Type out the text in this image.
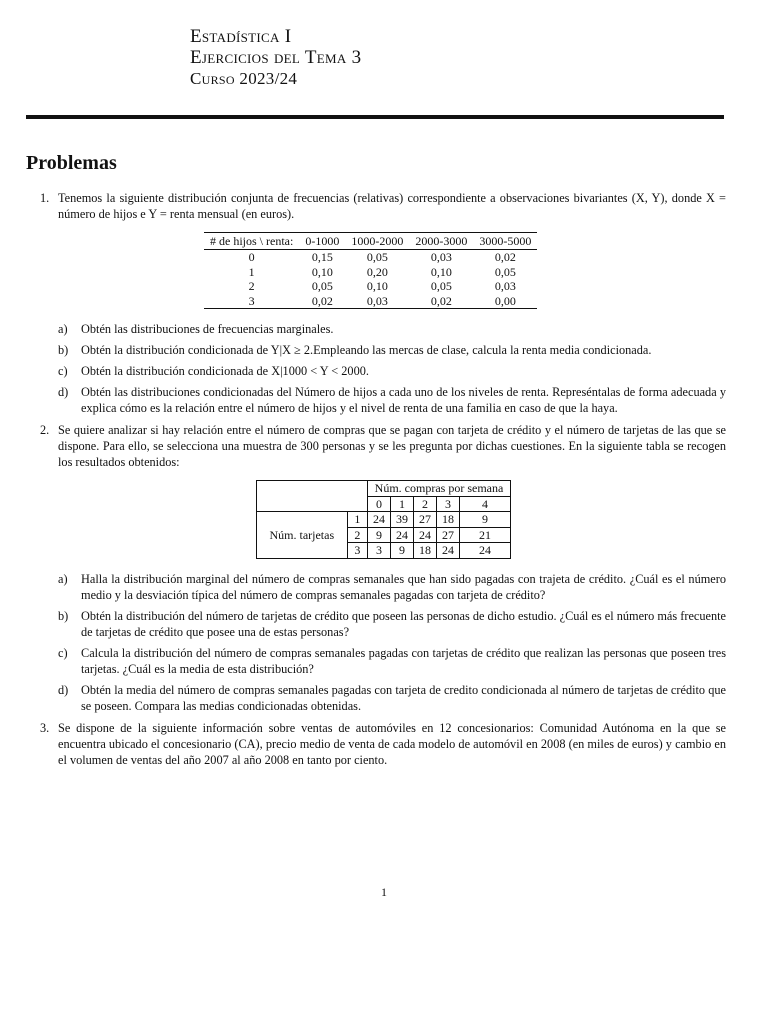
Estadística I
Ejercicios del Tema 3
Curso 2023/24
Problemas
1. Tenemos la siguiente distribución conjunta de frecuencias (relativas) correspondiente a observaciones bivariantes (X, Y), donde X = número de hijos e Y = renta mensual (en euros).
# de hijos \ renta:	0-1000	1000-2000	2000-3000	3000-5000
0	0,15	0,05	0,03	0,02
1	0,10	0,20	0,10	0,05
2	0,05	0,10	0,05	0,03
3	0,02	0,03	0,02	0,00
a) Obtén las distribuciones de frecuencias marginales.
b) Obtén la distribución condicionada de Y|X ≥ 2.Empleando las mercas de clase, calcula la renta media condicionada.
c) Obtén la distribución condicionada de X|1000 < Y < 2000.
d) Obtén las distribuciones condicionadas del Número de hijos a cada uno de los niveles de renta. Represéntalas de forma adecuada y explica cómo es la relación entre el número de hijos y el nivel de renta de una familia en caso de que la haya.
2. Se quiere analizar si hay relación entre el número de compras que se pagan con tarjeta de crédito y el número de tarjetas de las que se dispone. Para ello, se selecciona una muestra de 300 personas y se les pregunta por dichas cuestiones. En la siguiente tabla se recogen los resultados obtenidos:
		Núm. compras por semana				
		0	1	2	3	4
Núm. tarjetas	1	24	39	27	18	9
	2	9	24	24	27	21
	3	3	9	18	24	24
a) Halla la distribución marginal del número de compras semanales que han sido pagadas con trajeta de crédito. ¿Cuál es el número medio y la desviación típica del número de compras semanales pagadas con tarjeta de crédito?
b) Obtén la distribución del número de tarjetas de crédito que poseen las personas de dicho estudio. ¿Cuál es el número más frecuente de tarjetas de crédito que posee una de estas personas?
c) Calcula la distribución del número de compras semanales pagadas con tarjetas de crédito que realizan las personas que poseen tres tarjetas. ¿Cuál es la media de esta distribución?
d) Obtén la media del número de compras semanales pagadas con tarjeta de credito condicionada al número de tarjetas de crédito que se poseen. Compara las medias condicionadas obtenidas.
3. Se dispone de la siguiente información sobre ventas de automóviles en 12 concesionarios: Comunidad Autónoma en la que se encuentra ubicado el concesionario (CA), precio medio de venta de cada modelo de automóvil en 2008 (en miles de euros) y cambio en el volumen de ventas del año 2007 al año 2008 en tanto por ciento.
1
